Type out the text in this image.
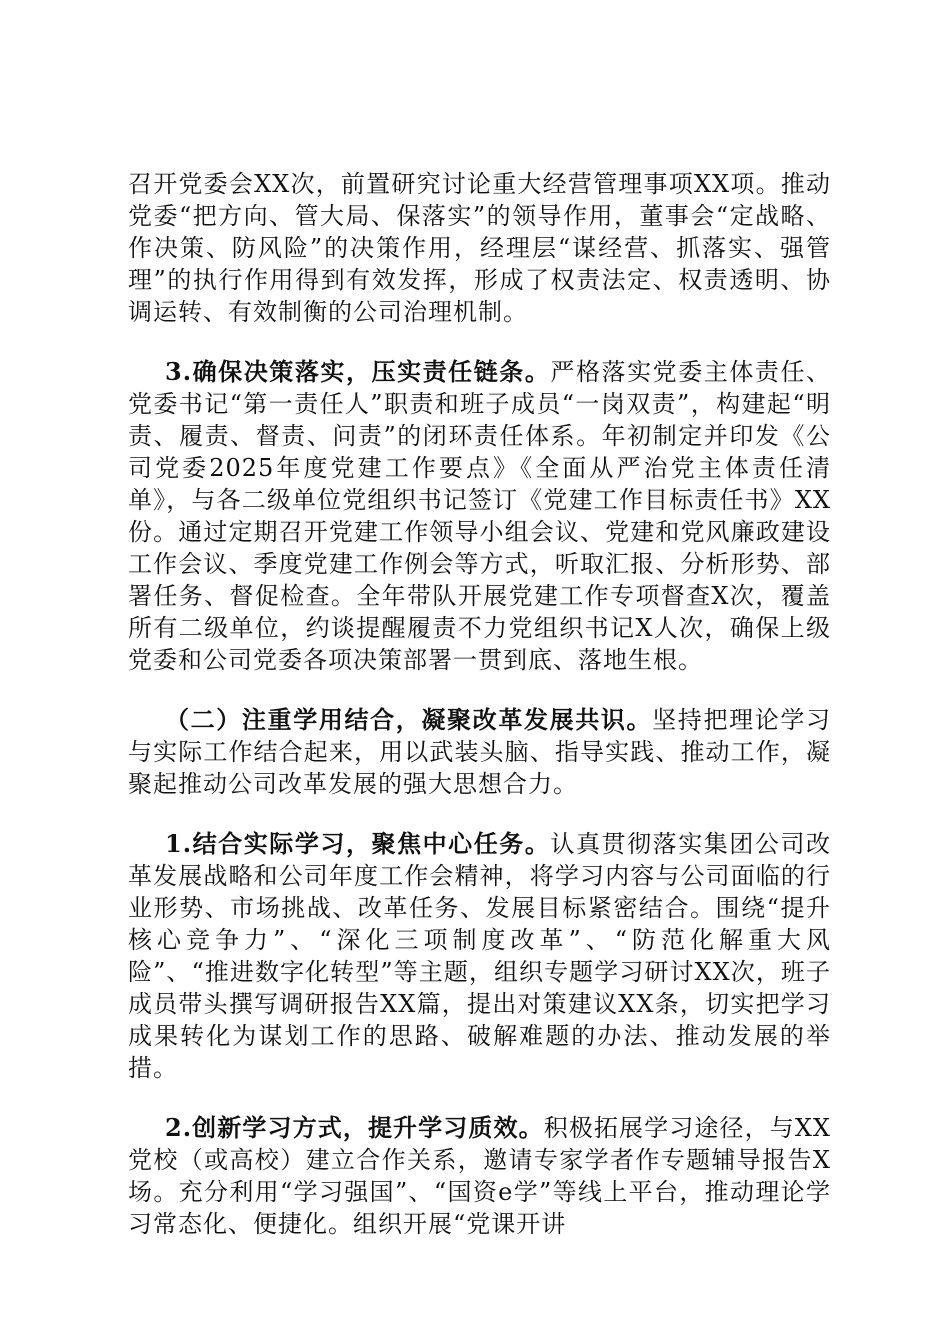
召开党委会XX次，前置研究讨论重大经营管理事项XX项。推动党委“把方向、管大局、保落实”的领导作用，董事会“定战略、作决策、防风险”的决策作用，经理层“谋经营、抓落实、强管理”的执行作用得到有效发挥，形成了权责法定、权责透明、协调运转、有效制衡的公司治理机制。

3.确保决策落实，压实责任链条。严格落实党委主体责任、党委书记“第一责任人”职责和班子成员“一岗双责”，构建起“明责、履责、督责、问责”的闭环责任体系。年初制定并印发《公司党委2025年度党建工作要点》《全面从严治党主体责任清单》，与各二级单位党组织书记签订《党建工作目标责任书》XX份。通过定期召开党建工作领导小组会议、党建和党风廉政建设工作会议、季度党建工作例会等方式，听取汇报、分析形势、部署任务、督促检查。全年带队开展党建工作专项督查X次，覆盖所有二级单位，约谈提醒履责不力党组织书记X人次，确保上级党委和公司党委各项决策部署一贯到底、落地生根。

（二）注重学用结合，凝聚改革发展共识。坚持把理论学习与实际工作结合起来，用以武装头脑、指导实践、推动工作，凝聚起推动公司改革发展的强大思想合力。

1.结合实际学习，聚焦中心任务。认真贯彻落实集团公司改革发展战略和公司年度工作会精神，将学习内容与公司面临的行业形势、市场挑战、改革任务、发展目标紧密结合。围绕“提升核心竞争力”、“深化三项制度改革”、“防范化解重大风险”、“推进数字化转型”等主题，组织专题学习研讨XX次，班子成员带头撰写调研报告XX篇，提出对策建议XX条，切实把学习成果转化为谋划工作的思路、破解难题的办法、推动发展的举措。

2.创新学习方式，提升学习质效。积极拓展学习途径，与XX党校（或高校）建立合作关系，邀请专家学者作专题辅导报告X场。充分利用“学习强国”、“国资e学”等线上平台，推动理论学习常态化、便捷化。组织开展“党课开讲
